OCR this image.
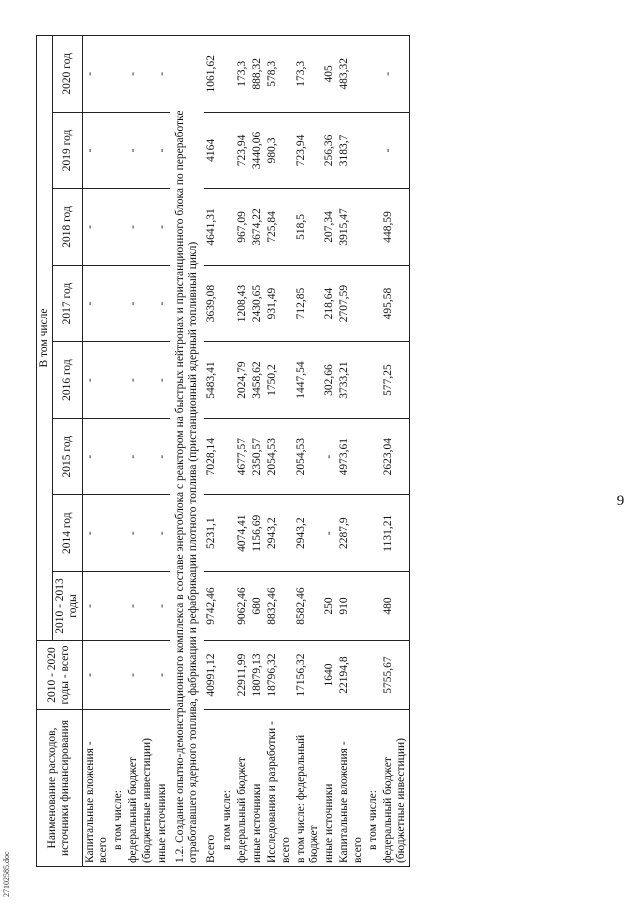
27102585.doc
9
Наименование расходов, источники финансирования	2010 - 2020 годы - всего	В том числе							
		2010 - 2013 годы	2014 год	2015 год	2016 год	2017 год	2018 год	2019 год	2020 год
Капитальные вложения - всего	-	-	-	-	-	-	-	-	-
в том числе:									
федеральный бюджет (бюджетные инвестиции)	-	-	-	-	-	-	-	-	-
иные источники	-	-	-	-	-	-	-	-	-
1.2. Создание опытно-демонстрационного комплекса в составе энергоблока с реактором на быстрых нейтронах и пристанционного блока по переработке отработавшего ядерного топлива, фабрикации и рефабрикации плотного топлива (пристанционный ядерный топливный цикл)									
Всего	40991,12	9742,46	5231,1	7028,14	5483,41	3639,08	4641,31	4164	1061,62
в том числе:									
федеральный бюджет	22911,99	9062,46	4074,41	4677,57	2024,79	1208,43	967,09	723,94	173,3
иные источники	18079,13	680	1156,69	2350,57	3458,62	2430,65	3674,22	3440,06	888,32
Исследования и разработки - всего	18796,32	8832,46	2943,2	2054,53	1750,2	931,49	725,84	980,3	578,3
в том числе: федеральный бюджет	17156,32	8582,46	2943,2	2054,53	1447,54	712,85	518,5	723,94	173,3
иные источники	1640	250	-	-	302,66	218,64	207,34	256,36	405
Капитальные вложения - всего	22194,8	910	2287,9	4973,61	3733,21	2707,59	3915,47	3183,7	483,32
в том числе:									
федеральный бюджет (бюджетные инвестиции)	5755,67	480	1131,21	2623,04	577,25	495,58	448,59	-	-
